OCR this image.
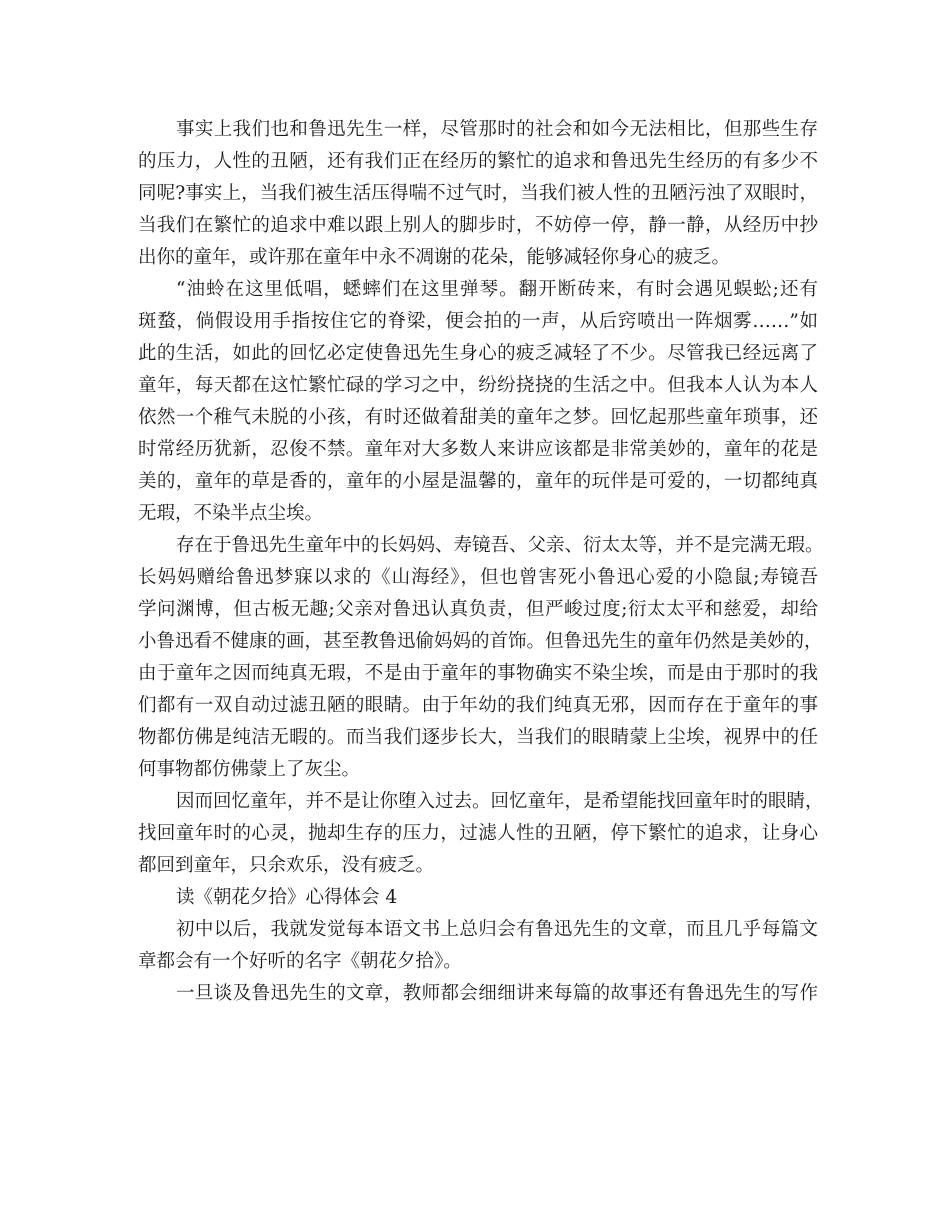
事实上我们也和鲁迅先生一样，尽管那时的社会和如今无法相比，但那些生存
的压力，人性的丑陋，还有我们正在经历的繁忙的追求和鲁迅先生经历的有多少不
同呢?事实上，当我们被生活压得喘不过气时，当我们被人性的丑陋污浊了双眼时，
当我们在繁忙的追求中难以跟上别人的脚步时，不妨停一停，静一静，从经历中抄
出你的童年，或许那在童年中永不凋谢的花朵，能够减轻你身心的疲乏。
“油蛉在这里低唱，蟋蟀们在这里弹琴。翻开断砖来，有时会遇见蜈蚣;还有
斑蝥，倘假设用手指按住它的脊梁，便会拍的一声，从后窍喷出一阵烟雾……”如
此的生活，如此的回忆必定使鲁迅先生身心的疲乏减轻了不少。尽管我已经远离了
童年，每天都在这忙繁忙碌的学习之中，纷纷挠挠的生活之中。但我本人认为本人
依然一个稚气未脱的小孩，有时还做着甜美的童年之梦。回忆起那些童年琐事，还
时常经历犹新，忍俊不禁。童年对大多数人来讲应该都是非常美妙的，童年的花是
美的，童年的草是香的，童年的小屋是温馨的，童年的玩伴是可爱的，一切都纯真
无瑕，不染半点尘埃。
存在于鲁迅先生童年中的长妈妈、寿镜吾、父亲、衍太太等，并不是完满无瑕。
长妈妈赠给鲁迅梦寐以求的《山海经》，但也曾害死小鲁迅心爱的小隐鼠;寿镜吾
学问渊博，但古板无趣;父亲对鲁迅认真负责，但严峻过度;衍太太平和慈爱，却给
小鲁迅看不健康的画，甚至教鲁迅偷妈妈的首饰。但鲁迅先生的童年仍然是美妙的，
由于童年之因而纯真无瑕，不是由于童年的事物确实不染尘埃，而是由于那时的我
们都有一双自动过滤丑陋的眼睛。由于年幼的我们纯真无邪，因而存在于童年的事
物都仿佛是纯洁无暇的。而当我们逐步长大，当我们的眼睛蒙上尘埃，视界中的任
何事物都仿佛蒙上了灰尘。
因而回忆童年，并不是让你堕入过去。回忆童年，是希望能找回童年时的眼睛，
找回童年时的心灵，抛却生存的压力，过滤人性的丑陋，停下繁忙的追求，让身心
都回到童年，只余欢乐，没有疲乏。
读《朝花夕拾》心得体会 4
初中以后，我就发觉每本语文书上总归会有鲁迅先生的文章，而且几乎每篇文
章都会有一个好听的名字《朝花夕拾》。
一旦谈及鲁迅先生的文章，教师都会细细讲来每篇的故事还有鲁迅先生的写作
